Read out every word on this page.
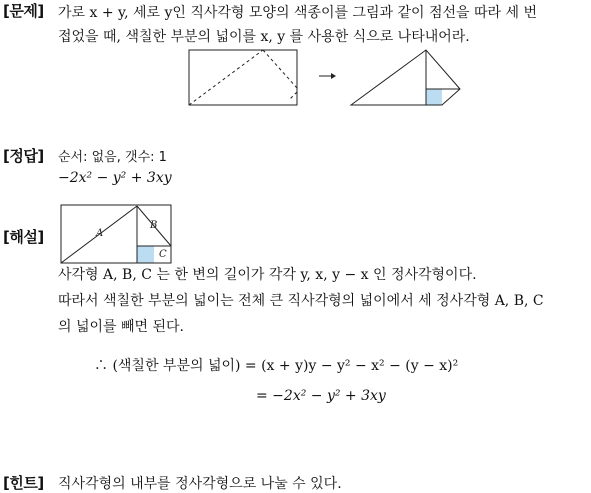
[문제] 가로 x + y, 세로 y인 직사각형 모양의 색종이를 그림과 같이 점선을 따라 세 번
접었을 때, 색칠한 부분의 넓이를 x, y 를 사용한 식으로 나타내어라.
[정답] 순서: 없음, 갯수: 1
−2x² − y² + 3xy
[해설]	A
B
C
사각형 A, B, C 는 한 변의 길이가 각각 y, x, y − x 인 정사각형이다.
따라서 색칠한 부분의 넓이는 전체 큰 직사각형의 넓이에서 세 정사각형 A, B, C
의 넓이를 빼면 된다.
∴ (색칠한 부분의 넓이) = (x + y)y − y² − x² − (y − x)²
= −2x² − y² + 3xy
[힌트] 직사각형의 내부를 정사각형으로 나눌 수 있다.
